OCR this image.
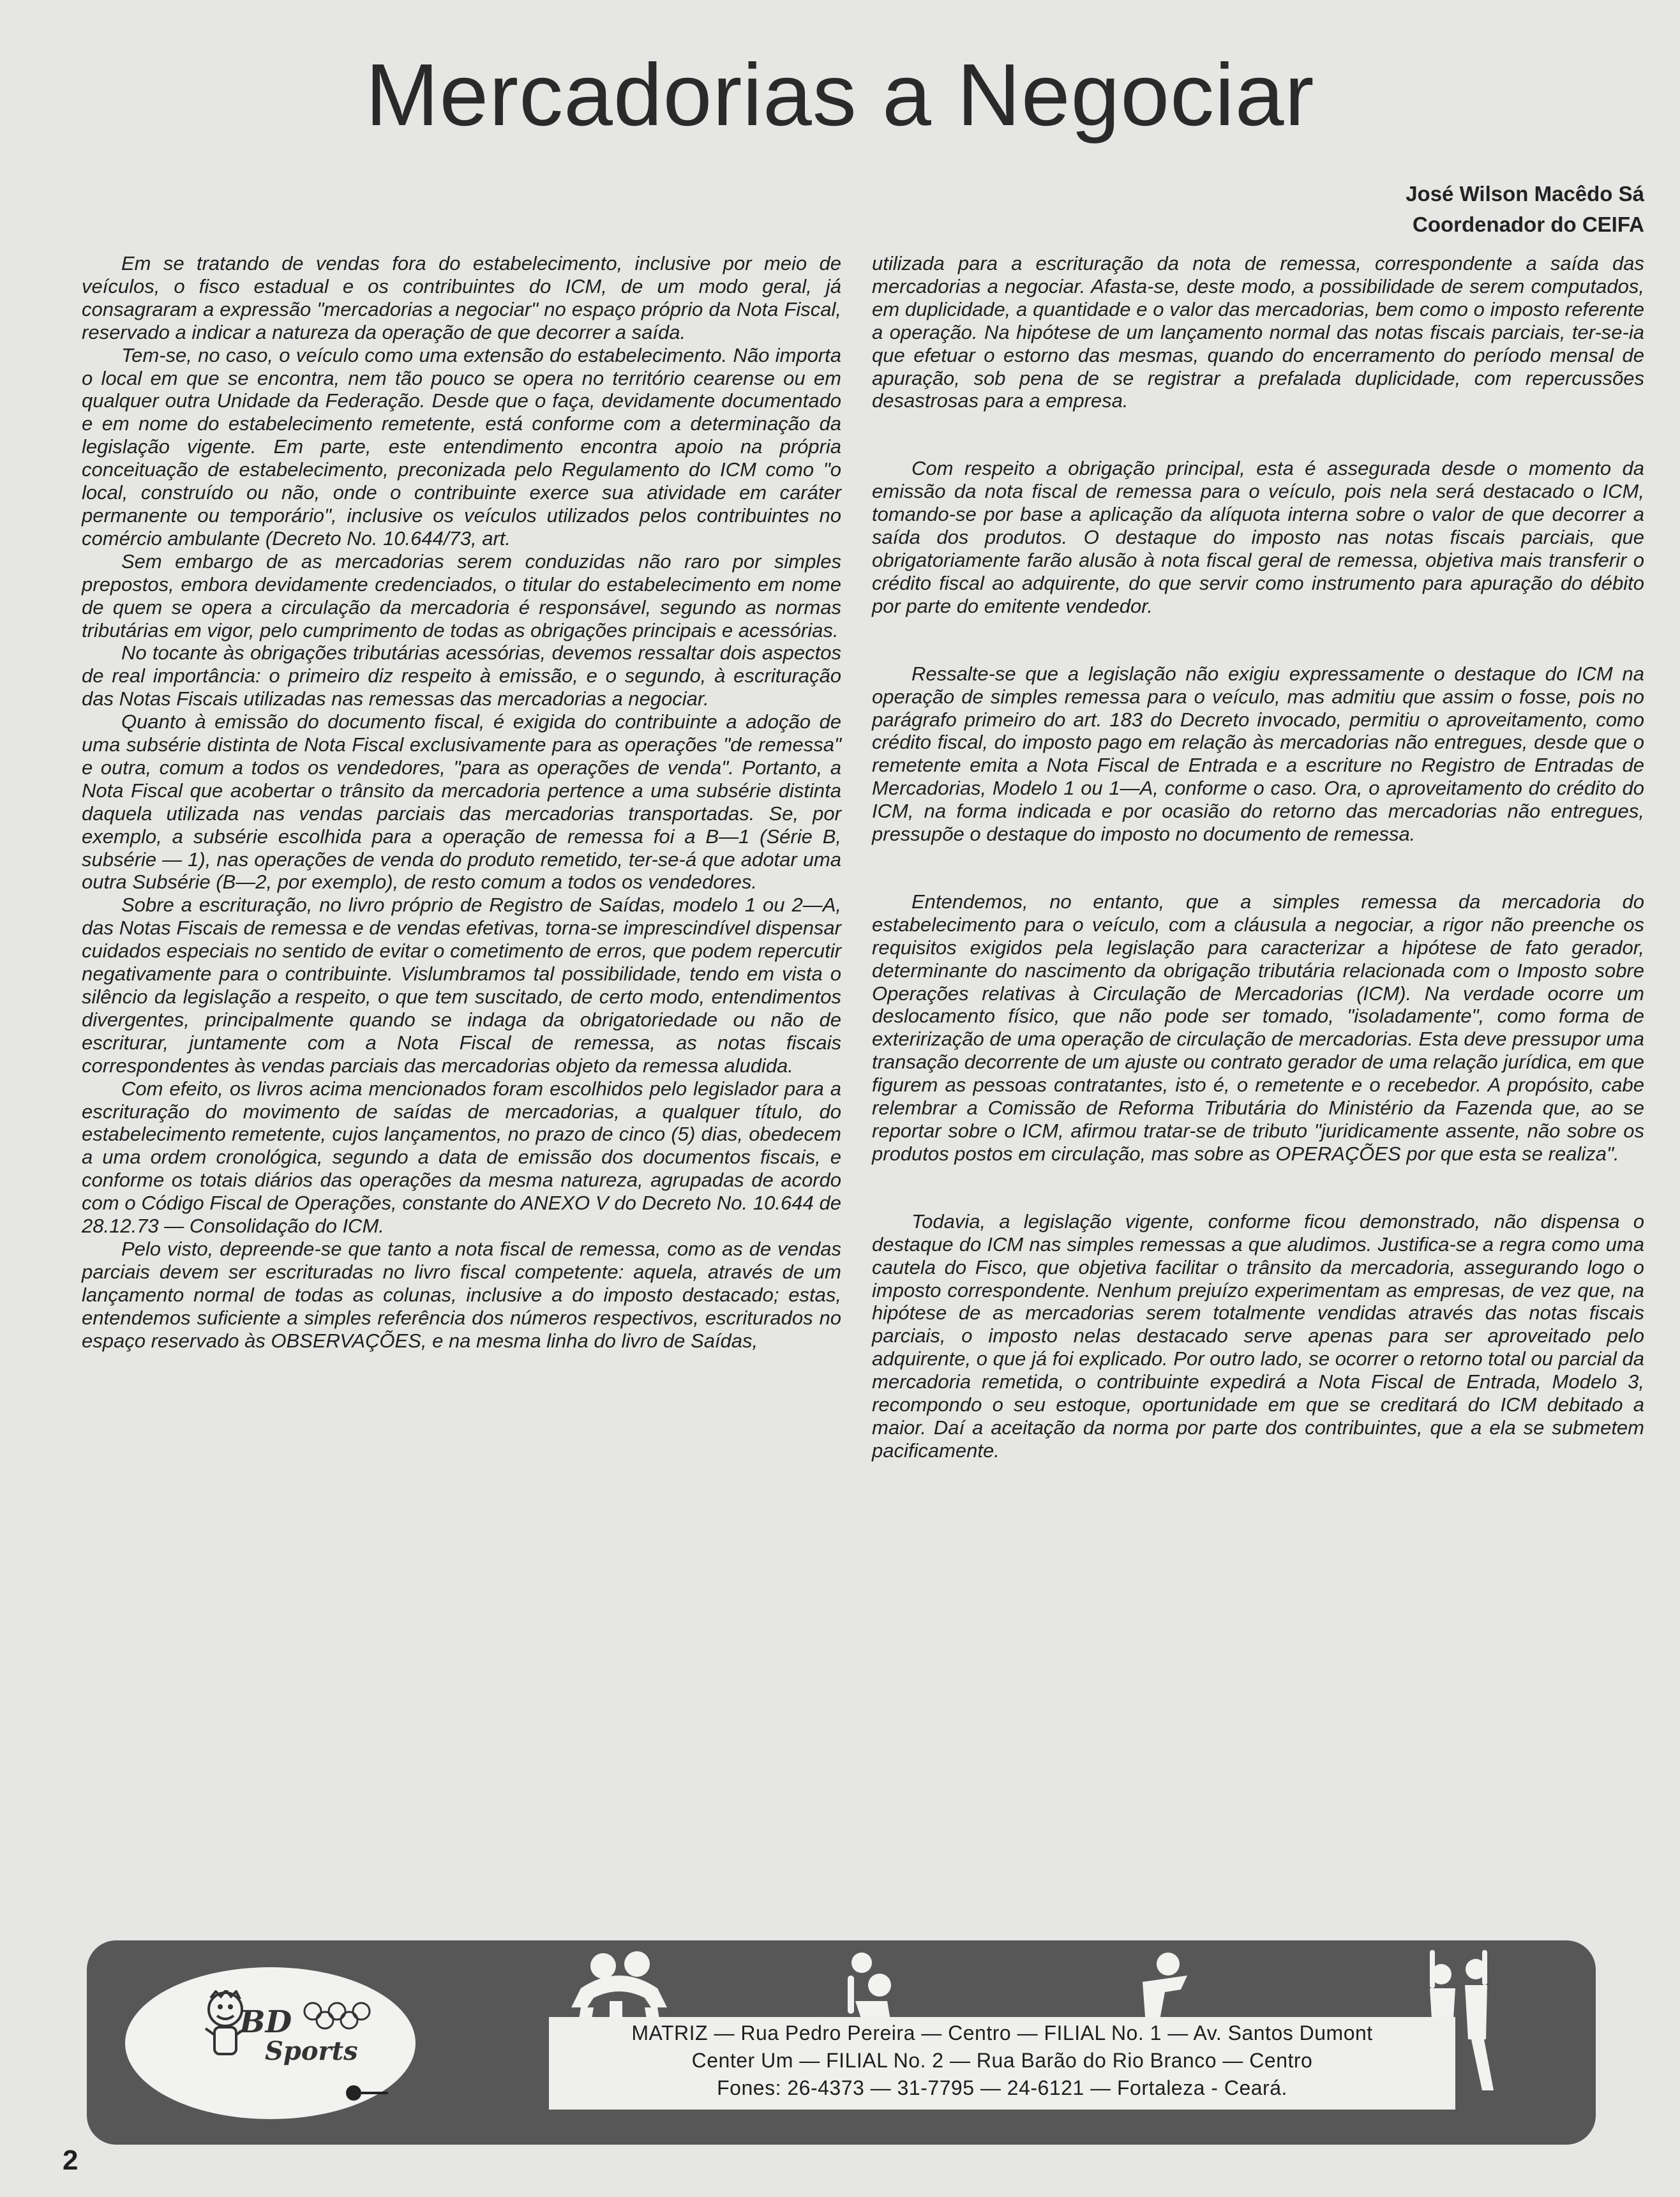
Mercadorias a Negociar
José Wilson Macêdo Sá
Coordenador do CEIFA

Em se tratando de vendas fora do estabelecimento, inclusive por meio de veículos, o fisco estadual e os contribuintes do ICM, de um modo geral, já consagraram a expressão "mercadorias a negociar" no espaço próprio da Nota Fiscal, reservado a indicar a natureza da operação de que decorrer a saída.

Tem-se, no caso, o veículo como uma extensão do estabelecimento. Não importa o local em que se encontra, nem tão pouco se opera no território cearense ou em qualquer outra Unidade da Federação. Desde que o faça, devidamente documentado e em nome do estabelecimento remetente, está conforme com a determinação da legislação vigente. Em parte, este entendimento encontra apoio na própria conceituação de estabelecimento, preconizada pelo Regulamento do ICM como "o local, construído ou não, onde o contribuinte exerce sua atividade em caráter permanente ou temporário", inclusive os veículos utilizados pelos contribuintes no comércio ambulante (Decreto No. 10.644/73, art.

Sem embargo de as mercadorias serem conduzidas não raro por simples prepostos, embora devidamente credenciados, o titular do estabelecimento em nome de quem se opera a circulação da mercadoria é responsável, segundo as normas tributárias em vigor, pelo cumprimento de todas as obrigações principais e acessórias.

No tocante às obrigações tributárias acessórias, devemos ressaltar dois aspectos de real importância: o primeiro diz respeito à emissão, e o segundo, à escrituração das Notas Fiscais utilizadas nas remessas das mercadorias a negociar.

Quanto à emissão do documento fiscal, é exigida do contribuinte a adoção de uma subsérie distinta de Nota Fiscal exclusivamente para as operações "de remessa" e outra, comum a todos os vendedores, "para as operações de venda". Portanto, a Nota Fiscal que acobertar o trânsito da mercadoria pertence a uma subsérie distinta daquela utilizada nas vendas parciais das mercadorias transportadas. Se, por exemplo, a subsérie escolhida para a operação de remessa foi a B—1 (Série B, subsérie — 1), nas operações de venda do produto remetido, ter-se-á que adotar uma outra Subsérie (B—2, por exemplo), de resto comum a todos os vendedores.

Sobre a escrituração, no livro próprio de Registro de Saídas, modelo 1 ou 2—A, das Notas Fiscais de remessa e de vendas efetivas, torna-se imprescindível dispensar cuidados especiais no sentido de evitar o cometimento de erros, que podem repercutir negativamente para o contribuinte. Vislumbramos tal possibilidade, tendo em vista o silêncio da legislação a respeito, o que tem suscitado, de certo modo, entendimentos divergentes, principalmente quando se indaga da obrigatoriedade ou não de escriturar, juntamente com a Nota Fiscal de remessa, as notas fiscais correspondentes às vendas parciais das mercadorias objeto da remessa aludida.

Com efeito, os livros acima mencionados foram escolhidos pelo legislador para a escrituração do movimento de saídas de mercadorias, a qualquer título, do estabelecimento remetente, cujos lançamentos, no prazo de cinco (5) dias, obedecem a uma ordem cronológica, segundo a data de emissão dos documentos fiscais, e conforme os totais diários das operações da mesma natureza, agrupadas de acordo com o Código Fiscal de Operações, constante do ANEXO V do Decreto No. 10.644 de 28.12.73 — Consolidação do ICM.

Pelo visto, depreende-se que tanto a nota fiscal de remessa, como as de vendas parciais devem ser escrituradas no livro fiscal competente: aquela, através de um lançamento normal de todas as colunas, inclusive a do imposto destacado; estas, entendemos suficiente a simples referência dos números respectivos, escriturados no espaço reservado às OBSERVAÇÕES, e na mesma linha do livro de Saídas,

utilizada para a escrituração da nota de remessa, correspondente a saída das mercadorias a negociar. Afasta-se, deste modo, a possibilidade de serem computados, em duplicidade, a quantidade e o valor das mercadorias, bem como o imposto referente a operação. Na hipótese de um lançamento normal das notas fiscais parciais, ter-se-ia que efetuar o estorno das mesmas, quando do encerramento do período mensal de apuração, sob pena de se registrar a prefalada duplicidade, com repercussões desastrosas para a empresa.

Com respeito a obrigação principal, esta é assegurada desde o momento da emissão da nota fiscal de remessa para o veículo, pois nela será destacado o ICM, tomando-se por base a aplicação da alíquota interna sobre o valor de que decorrer a saída dos produtos. O destaque do imposto nas notas fiscais parciais, que obrigatoriamente farão alusão à nota fiscal geral de remessa, objetiva mais transferir o crédito fiscal ao adquirente, do que servir como instrumento para apuração do débito por parte do emitente vendedor.

Ressalte-se que a legislação não exigiu expressamente o destaque do ICM na operação de simples remessa para o veículo, mas admitiu que assim o fosse, pois no parágrafo primeiro do art. 183 do Decreto invocado, permitiu o aproveitamento, como crédito fiscal, do imposto pago em relação às mercadorias não entregues, desde que o remetente emita a Nota Fiscal de Entrada e a escriture no Registro de Entradas de Mercadorias, Modelo 1 ou 1—A, conforme o caso. Ora, o aproveitamento do crédito do ICM, na forma indicada e por ocasião do retorno das mercadorias não entregues, pressupõe o destaque do imposto no documento de remessa.

Entendemos, no entanto, que a simples remessa da mercadoria do estabelecimento para o veículo, com a cláusula a negociar, a rigor não preenche os requisitos exigidos pela legislação para caracterizar a hipótese de fato gerador, determinante do nascimento da obrigação tributária relacionada com o Imposto sobre Operações relativas à Circulação de Mercadorias (ICM). Na verdade ocorre um deslocamento físico, que não pode ser tomado, "isoladamente", como forma de exterirização de uma operação de circulação de mercadorias. Esta deve pressupor uma transação decorrente de um ajuste ou contrato gerador de uma relação jurídica, em que figurem as pessoas contratantes, isto é, o remetente e o recebedor. A propósito, cabe relembrar a Comissão de Reforma Tributária do Ministério da Fazenda que, ao se reportar sobre o ICM, afirmou tratar-se de tributo "juridicamente assente, não sobre os produtos postos em circulação, mas sobre as OPERAÇÕES por que esta se realiza".

Todavia, a legislação vigente, conforme ficou demonstrado, não dispensa o destaque do ICM nas simples remessas a que aludimos. Justifica-se a regra como uma cautela do Fisco, que objetiva facilitar o trânsito da mercadoria, assegurando logo o imposto correspondente. Nenhum prejuízo experimentam as empresas, de vez que, na hipótese de as mercadorias serem totalmente vendidas através das notas fiscais parciais, o imposto nelas destacado serve apenas para ser aproveitado pelo adquirente, o que já foi explicado. Por outro lado, se ocorrer o retorno total ou parcial da mercadoria remetida, o contribuinte expedirá a Nota Fiscal de Entrada, Modelo 3, recompondo o seu estoque, oportunidade em que se creditará do ICM debitado a maior. Daí a aceitação da norma por parte dos contribuintes, que a ela se submetem pacificamente.

BD
Sports
MATRIZ — Rua Pedro Pereira — Centro — FILIAL No. 1 — Av. Santos Dumont
Center Um — FILIAL No. 2 — Rua Barão do Rio Branco — Centro
Fones: 26-4373 — 31-7795 — 24-6121 — Fortaleza - Ceará.
2
